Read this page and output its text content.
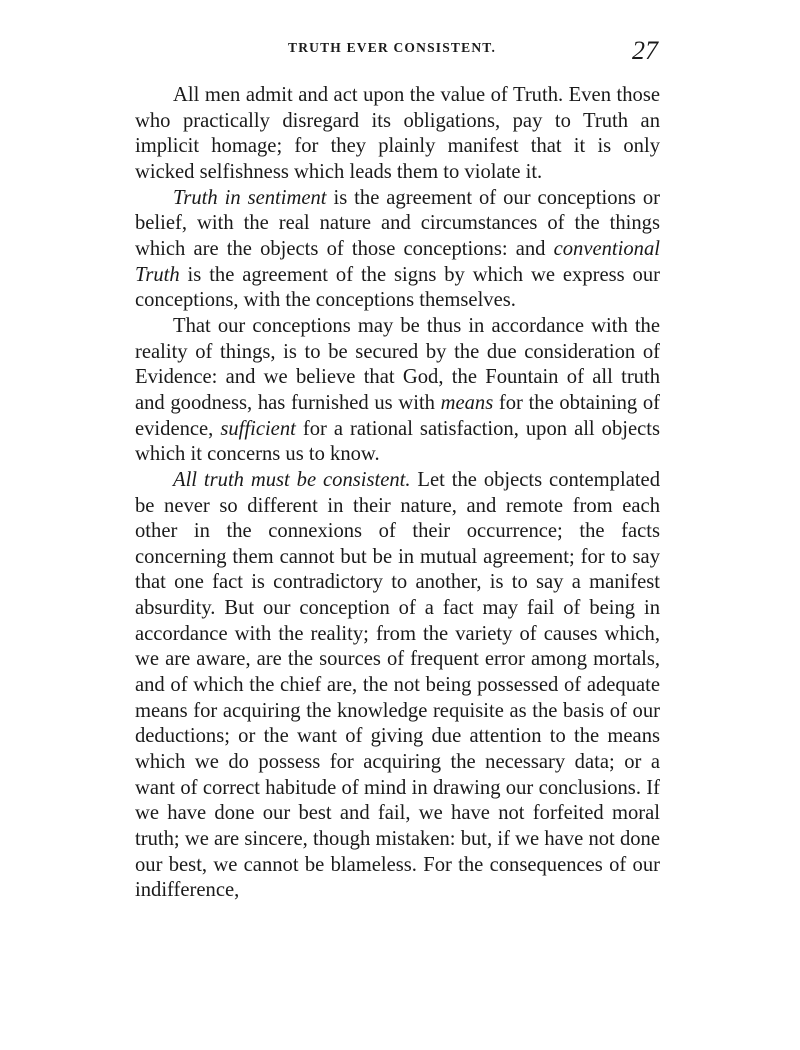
TRUTH EVER CONSISTENT.	27

All men admit and act upon the value of Truth. Even those who practically disregard its obligations, pay to Truth an implicit homage; for they plainly manifest that it is only wicked selfishness which leads them to violate it.

Truth in sentiment is the agreement of our conceptions or belief, with the real nature and circumstances of the things which are the objects of those conceptions: and conventional Truth is the agreement of the signs by which we express our conceptions, with the conceptions themselves.

That our conceptions may be thus in accordance with the reality of things, is to be secured by the due consideration of Evidence: and we believe that God, the Fountain of all truth and goodness, has furnished us with means for the obtaining of evidence, sufficient for a rational satisfaction, upon all objects which it concerns us to know.

All truth must be consistent. Let the objects contemplated be never so different in their nature, and remote from each other in the connexions of their occurrence; the facts concerning them cannot but be in mutual agreement; for to say that one fact is contradictory to another, is to say a manifest absurdity. But our conception of a fact may fail of being in accordance with the reality; from the variety of causes which, we are aware, are the sources of frequent error among mortals, and of which the chief are, the not being possessed of adequate means for acquiring the knowledge requisite as the basis of our deductions; or the want of giving due attention to the means which we do possess for acquiring the necessary data; or a want of correct habitude of mind in drawing our conclusions. If we have done our best and fail, we have not forfeited moral truth; we are sincere, though mistaken: but, if we have not done our best, we cannot be blameless. For the consequences of our indifference,
